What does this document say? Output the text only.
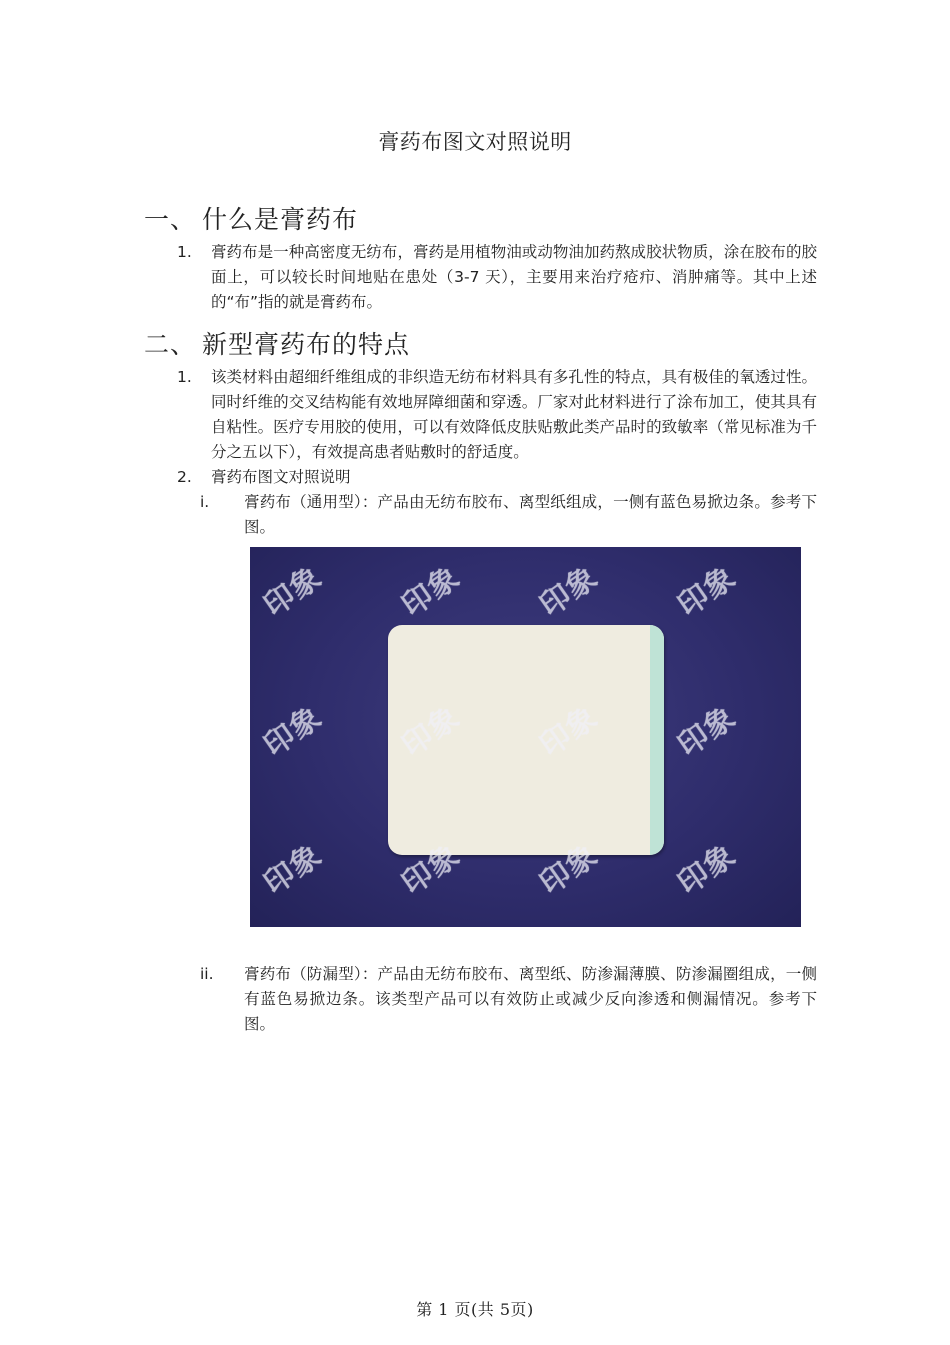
膏药布图文对照说明
一、 什么是膏药布
1.	膏药布是一种高密度无纺布，膏药是用植物油或动物油加药熬成胶状物质，涂在胶布的胶面上，可以较长时间地贴在患处（3-7 天），主要用来治疗疮疖、消肿痛等。其中上述的“布”指的就是膏药布。
二、 新型膏药布的特点
1.	该类材料由超细纤维组成的非织造无纺布材料具有多孔性的特点，具有极佳的氧透过性。同时纤维的交叉结构能有效地屏障细菌和穿透。厂家对此材料进行了涂布加工，使其具有自粘性。医疗专用胶的使用，可以有效降低皮肤贴敷此类产品时的致敏率（常见标准为千分之五以下），有效提高患者贴敷时的舒适度。
2.	膏药布图文对照说明
i. 膏药布（通用型）：产品由无纺布胶布、离型纸组成，一侧有蓝色易掀边条。参考下图。
印象 印象 印象 印象
印象 印象 印象 印象
印象 印象 印象 印象
ii. 膏药布（防漏型）：产品由无纺布胶布、离型纸、防渗漏薄膜、防渗漏圈组成，一侧有蓝色易掀边条。该类型产品可以有效防止或减少反向渗透和侧漏情况。参考下图。
第 1 页(共 5页)
